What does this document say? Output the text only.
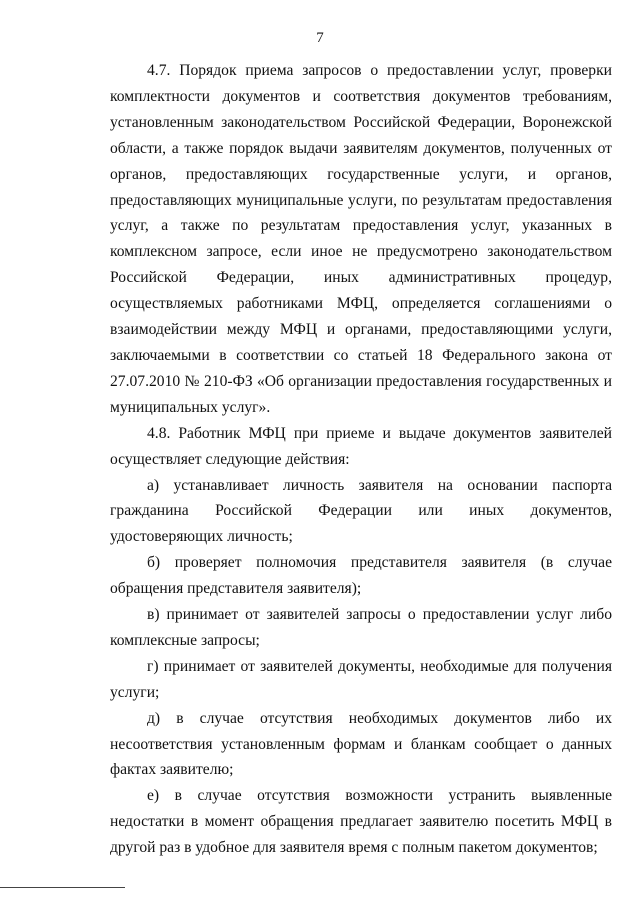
7

4.7. Порядок приема запросов о предоставлении услуг, проверки комплектности документов и соответствия документов требованиям, установленным законодательством Российской Федерации, Воронежской области, а также порядок выдачи заявителям документов, полученных от органов, предоставляющих государственные услуги, и органов, предоставляющих муниципальные услуги, по результатам предоставления услуг, а также по результатам предоставления услуг, указанных в комплексном запросе, если иное не предусмотрено законодательством Российской Федерации, иных административных процедур, осуществляемых работниками МФЦ, определяется соглашениями о взаимодействии между МФЦ и органами, предоставляющими услуги, заключаемыми в соответствии со статьей 18 Федерального закона от 27.07.2010 № 210-ФЗ «Об организации предоставления государственных и муниципальных услуг».

4.8. Работник МФЦ при приеме и выдаче документов заявителей осуществляет следующие действия:

а) устанавливает личность заявителя на основании паспорта гражданина Российской Федерации или иных документов, удостоверяющих личность;

б) проверяет полномочия представителя заявителя (в случае обращения представителя заявителя);

в) принимает от заявителей запросы о предоставлении услуг либо комплексные запросы;

г) принимает от заявителей документы, необходимые для получения услуги;

д) в случае отсутствия необходимых документов либо их несоответствия установленным формам и бланкам сообщает о данных фактах заявителю;

е) в случае отсутствия возможности устранить выявленные недостатки в момент обращения предлагает заявителю посетить МФЦ в другой раз в удобное для заявителя время с полным пакетом документов;
